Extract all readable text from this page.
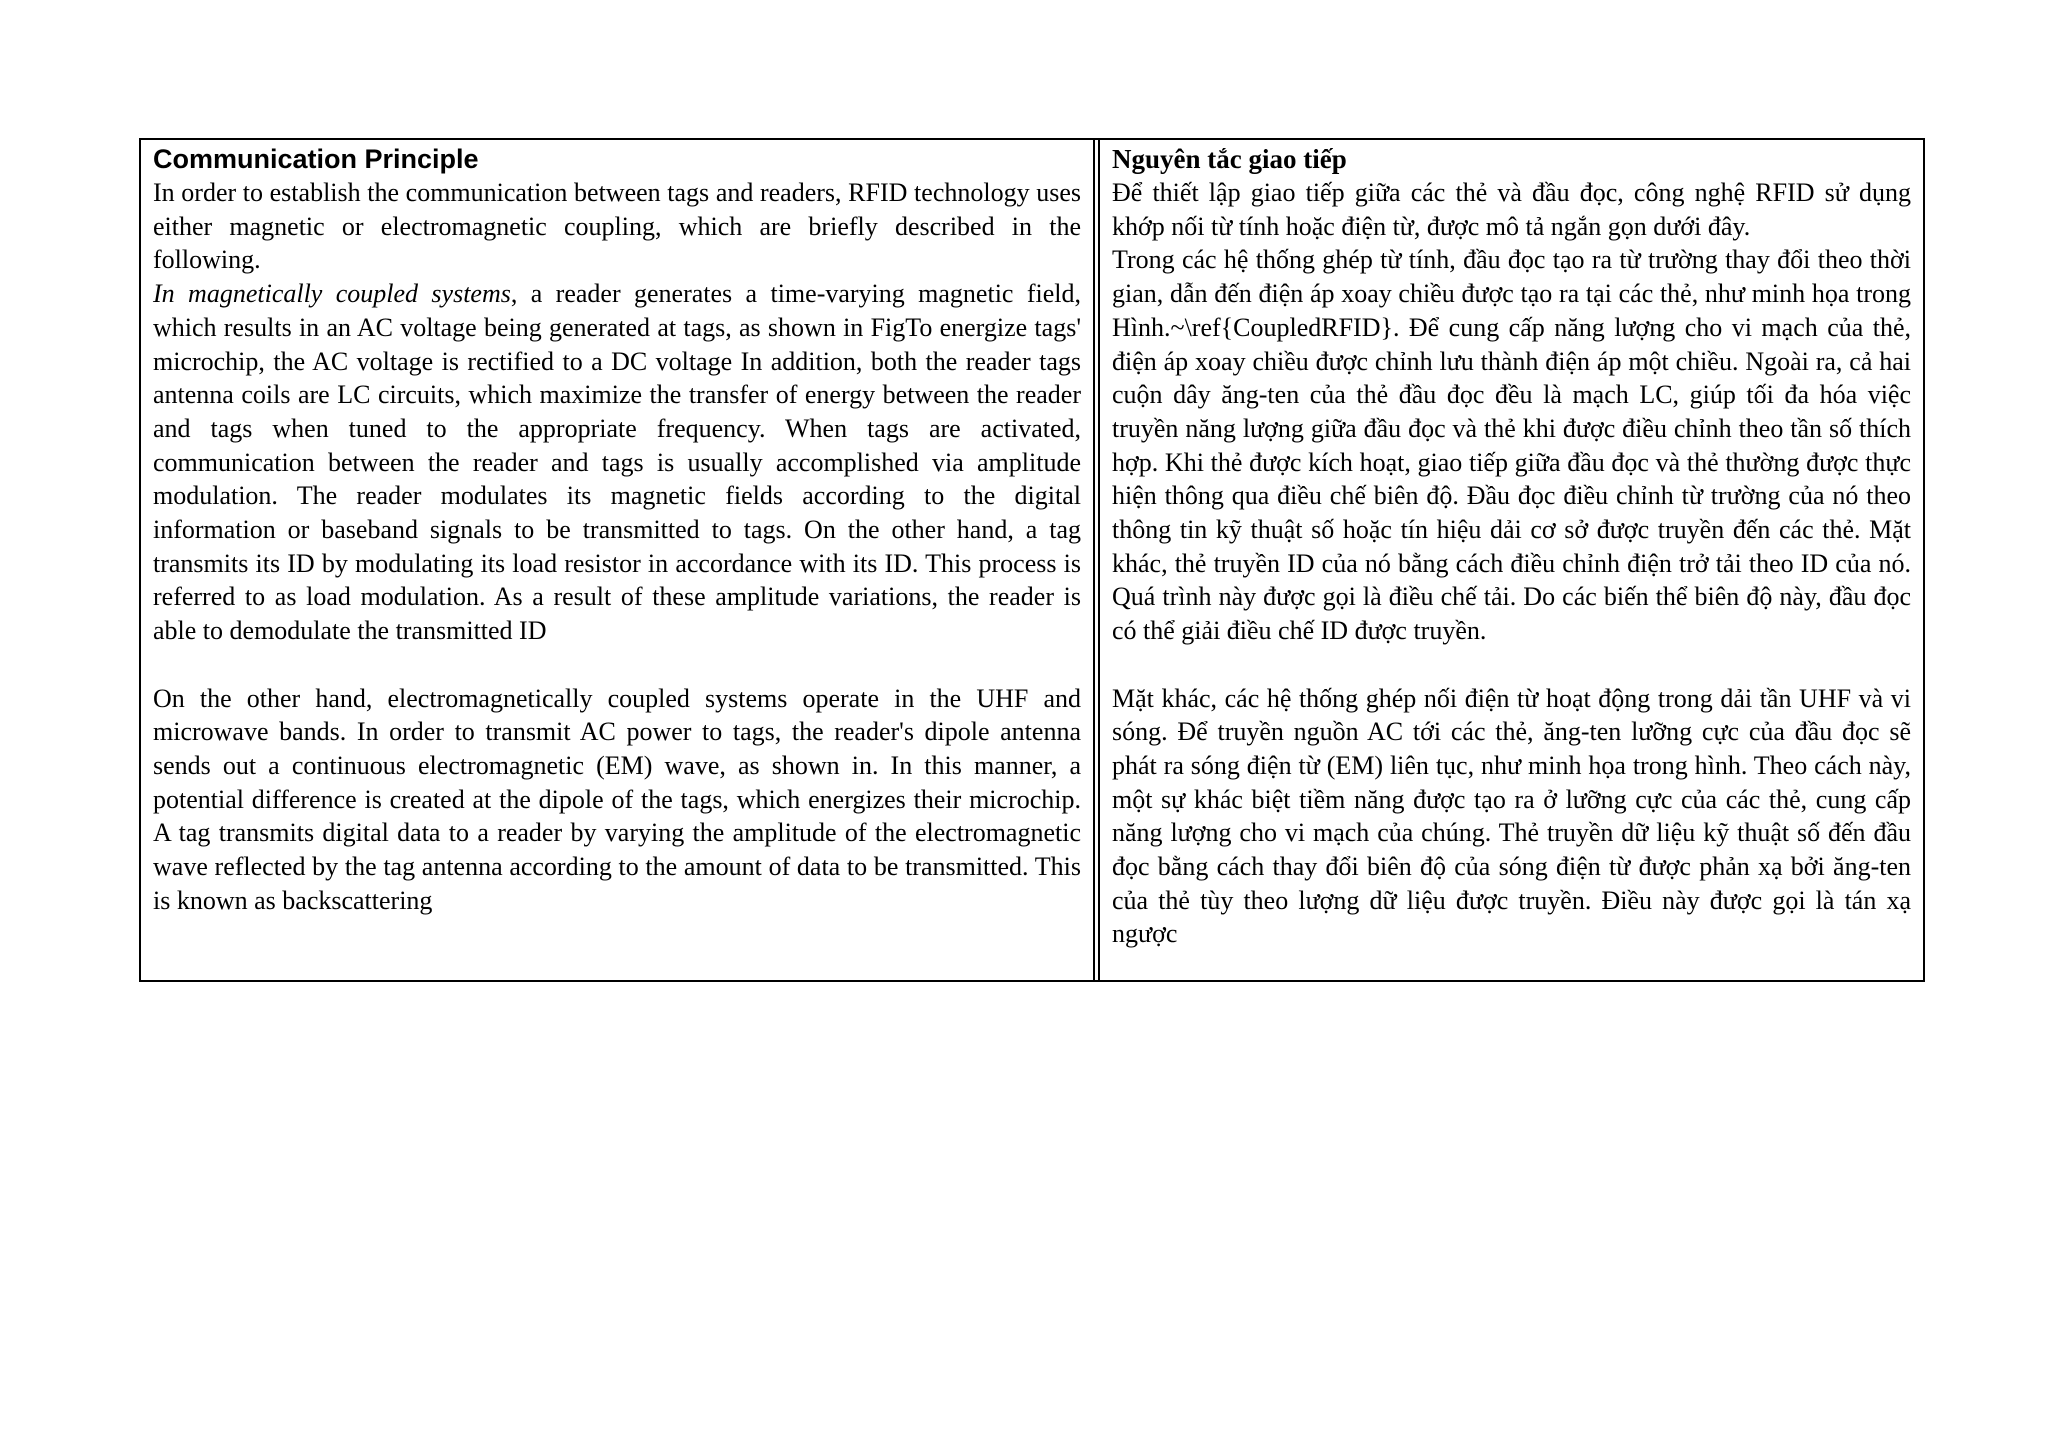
Communication Principle

In order to establish the communication between tags and readers, RFID technology uses either magnetic or electromagnetic coupling, which are briefly described in the following.

In magnetically coupled systems, a reader generates a time-varying magnetic field, which results in an AC voltage being generated at tags, as shown in FigTo energize tags' microchip, the AC voltage is rectified to a DC voltage In addition, both the reader tags antenna coils are LC circuits, which maximize the transfer of energy between the reader and tags when tuned to the appropriate frequency. When tags are activated, communication between the reader and tags is usually accomplished via amplitude modulation. The reader modulates its magnetic fields according to the digital information or baseband signals to be transmitted to tags. On the other hand, a tag transmits its ID by modulating its load resistor in accordance with its ID. This process is referred to as load modulation. As a result of these amplitude variations, the reader is able to demodulate the transmitted ID

On the other hand, electromagnetically coupled systems operate in the UHF and microwave bands. In order to transmit AC power to tags, the reader's dipole antenna sends out a continuous electromagnetic (EM) wave, as shown in. In this manner, a potential difference is created at the dipole of the tags, which energizes their microchip. A tag transmits digital data to a reader by varying the amplitude of the electromagnetic wave reflected by the tag antenna according to the amount of data to be transmitted. This is known as backscattering

Nguyên tắc giao tiếp

Để thiết lập giao tiếp giữa các thẻ và đầu đọc, công nghệ RFID sử dụng khớp nối từ tính hoặc điện từ, được mô tả ngắn gọn dưới đây.

Trong các hệ thống ghép từ tính, đầu đọc tạo ra từ trường thay đổi theo thời gian, dẫn đến điện áp xoay chiều được tạo ra tại các thẻ, như minh họa trong Hình.~\ref{CoupledRFID}. Để cung cấp năng lượng cho vi mạch của thẻ, điện áp xoay chiều được chỉnh lưu thành điện áp một chiều. Ngoài ra, cả hai cuộn dây ăng-ten của thẻ đầu đọc đều là mạch LC, giúp tối đa hóa việc truyền năng lượng giữa đầu đọc và thẻ khi được điều chỉnh theo tần số thích hợp. Khi thẻ được kích hoạt, giao tiếp giữa đầu đọc và thẻ thường được thực hiện thông qua điều chế biên độ. Đầu đọc điều chỉnh từ trường của nó theo thông tin kỹ thuật số hoặc tín hiệu dải cơ sở được truyền đến các thẻ. Mặt khác, thẻ truyền ID của nó bằng cách điều chỉnh điện trở tải theo ID của nó. Quá trình này được gọi là điều chế tải. Do các biến thể biên độ này, đầu đọc có thể giải điều chế ID được truyền.

Mặt khác, các hệ thống ghép nối điện từ hoạt động trong dải tần UHF và vi sóng. Để truyền nguồn AC tới các thẻ, ăng-ten lưỡng cực của đầu đọc sẽ phát ra sóng điện từ (EM) liên tục, như minh họa trong hình. Theo cách này, một sự khác biệt tiềm năng được tạo ra ở lưỡng cực của các thẻ, cung cấp năng lượng cho vi mạch của chúng. Thẻ truyền dữ liệu kỹ thuật số đến đầu đọc bằng cách thay đổi biên độ của sóng điện từ được phản xạ bởi ăng-ten của thẻ tùy theo lượng dữ liệu được truyền. Điều này được gọi là tán xạ ngược
